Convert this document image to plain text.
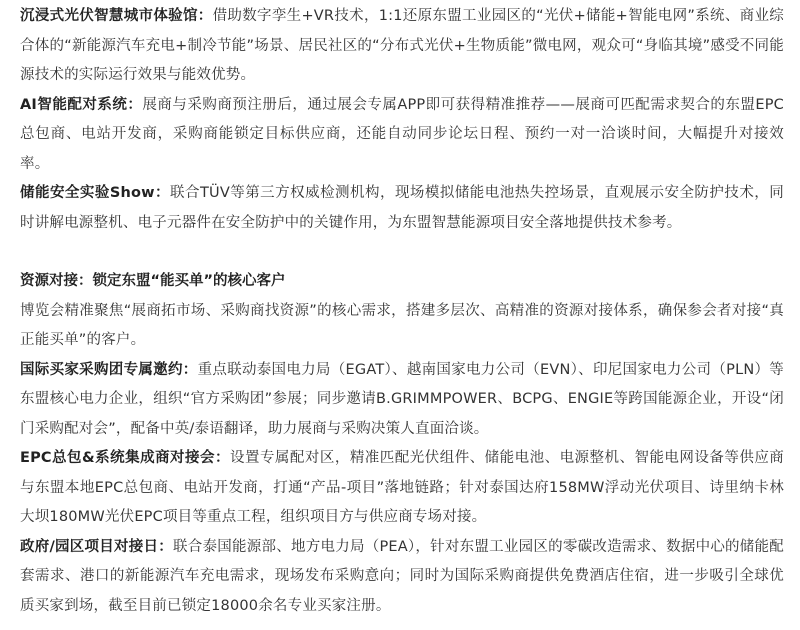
沉浸式光伏智慧城市体验馆：借助数字孪生+VR技术，1:1还原东盟工业园区的“光伏+储能+智能电网”系统、商业综合体的“新能源汽车充电+制冷节能”场景、居民社区的“分布式光伏+生物质能”微电网，观众可“身临其境”感受不同能源技术的实际运行效果与能效优势。

AI智能配对系统：展商与采购商预注册后，通过展会专属APP即可获得精准推荐——展商可匹配需求契合的东盟EPC总包商、电站开发商，采购商能锁定目标供应商，还能自动同步论坛日程、预约一对一洽谈时间，大幅提升对接效率。

储能安全实验Show：联合TÜV等第三方权威检测机构，现场模拟储能电池热失控场景，直观展示安全防护技术，同时讲解电源整机、电子元器件在安全防护中的关键作用，为东盟智慧能源项目安全落地提供技术参考。

资源对接：锁定东盟“能买单”的核心客户

博览会精准聚焦“展商拓市场、采购商找资源”的核心需求，搭建多层次、高精准的资源对接体系，确保参会者对接“真正能买单”的客户。

国际买家采购团专属邀约：重点联动泰国电力局（EGAT）、越南国家电力公司（EVN）、印尼国家电力公司（PLN）等东盟核心电力企业，组织“官方采购团”参展；同步邀请B.GRIMMPOWER、BCPG、ENGIE等跨国能源企业，开设“闭门采购配对会”，配备中英/泰语翻译，助力展商与采购决策人直面洽谈。

EPC总包&系统集成商对接会：设置专属配对区，精准匹配光伏组件、储能电池、电源整机、智能电网设备等供应商与东盟本地EPC总包商、电站开发商，打通“产品-项目”落地链路；针对泰国达府158MW浮动光伏项目、诗里纳卡林大坝180MW光伏EPC项目等重点工程，组织项目方与供应商专场对接。

政府/园区项目对接日：联合泰国能源部、地方电力局（PEA），针对东盟工业园区的零碳改造需求、数据中心的储能配套需求、港口的新能源汽车充电需求，现场发布采购意向；同时为国际采购商提供免费酒店住宿，进一步吸引全球优质买家到场，截至目前已锁定18000余名专业买家注册。
